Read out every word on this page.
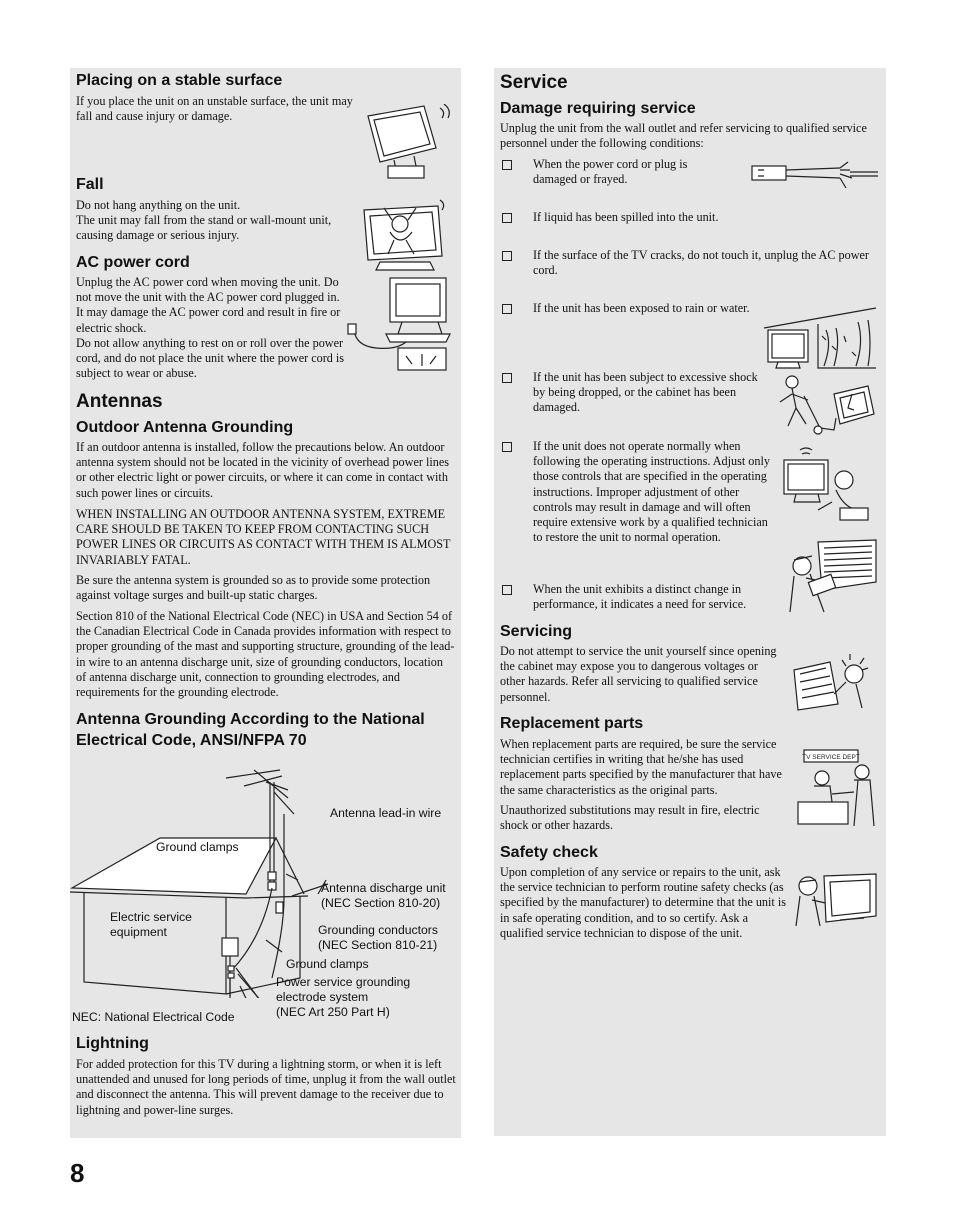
Placing on a stable surface

If you place the unit on an unstable surface, the unit may fall and cause injury or damage.

Fall

Do not hang anything on the unit.

The unit may fall from the stand or wall-mount unit, causing damage or serious injury.

AC power cord

Unplug the AC power cord when moving the unit. Do not move the unit with the AC power cord plugged in. It may damage the AC power cord and result in fire or electric shock.

Do not allow anything to rest on or roll over the power cord, and do not place the unit where the power cord is subject to wear or abuse.

Antennas
Outdoor Antenna Grounding

If an outdoor antenna is installed, follow the precautions below. An outdoor antenna system should not be located in the vicinity of overhead power lines or other electric light or power circuits, or where it can come in contact with such power lines or circuits.

WHEN INSTALLING AN OUTDOOR ANTENNA SYSTEM, EXTREME CARE SHOULD BE TAKEN TO KEEP FROM CONTACTING SUCH POWER LINES OR CIRCUITS AS CONTACT WITH THEM IS ALMOST INVARIABLY FATAL.

Be sure the antenna system is grounded so as to provide some protection against voltage surges and built-up static charges.

Section 810 of the National Electrical Code (NEC) in USA and Section 54 of the Canadian Electrical Code in Canada provides information with respect to proper grounding of the mast and supporting structure, grounding of the lead-in wire to an antenna discharge unit, size of grounding conductors, location of antenna discharge unit, connection to grounding electrodes, and requirements for the grounding electrode.

Antenna Grounding According to the National
Electrical Code, ANSI/NFPA 70
Antenna lead-in wire
Ground clamps
Antenna discharge unit
(NEC Section 810-20)
Electric service
equipment	Grounding conductors
(NEC Section 810-21)
Ground clamps
Power service grounding
electrode system
(NEC Art 250 Part H)
NEC: National Electrical Code
Lightning

For added protection for this TV during a lightning storm, or when it is left unattended and unused for long periods of time, unplug it from the wall outlet and disconnect the antenna. This will prevent damage to the receiver due to lightning and power-line surges.

Service
Damage requiring service

Unplug the unit from the wall outlet and refer servicing to qualified service personnel under the following conditions:

When the power cord or plug is damaged or frayed.

If liquid has been spilled into the unit.

If the surface of the TV cracks, do not touch it, unplug the AC power cord.

If the unit has been exposed to rain or water.

If the unit has been subject to excessive shock by being dropped, or the cabinet has been damaged.

If the unit does not operate normally when following the operating instructions. Adjust only those controls that are specified in the operating instructions. Improper adjustment of other controls may result in damage and will often require extensive work by a qualified technician to restore the unit to normal operation.

When the unit exhibits a distinct change in performance, it indicates a need for service.

Servicing

Do not attempt to service the unit yourself since opening the cabinet may expose you to dangerous voltages or other hazards. Refer all servicing to qualified service personnel.

Replacement parts

When replacement parts are required, be sure the service technician certifies in writing that he/she has used replacement parts specified by the manufacturer that have the same characteristics as the original parts.

Unauthorized substitutions may result in fire, electric shock or other hazards.

TV SERVICE DEPT
Safety check

Upon completion of any service or repairs to the unit, ask the service technician to perform routine safety checks (as specified by the manufacturer) to determine that the unit is in safe operating condition, and to so certify. Ask a qualified service technician to dispose of the unit.

8
